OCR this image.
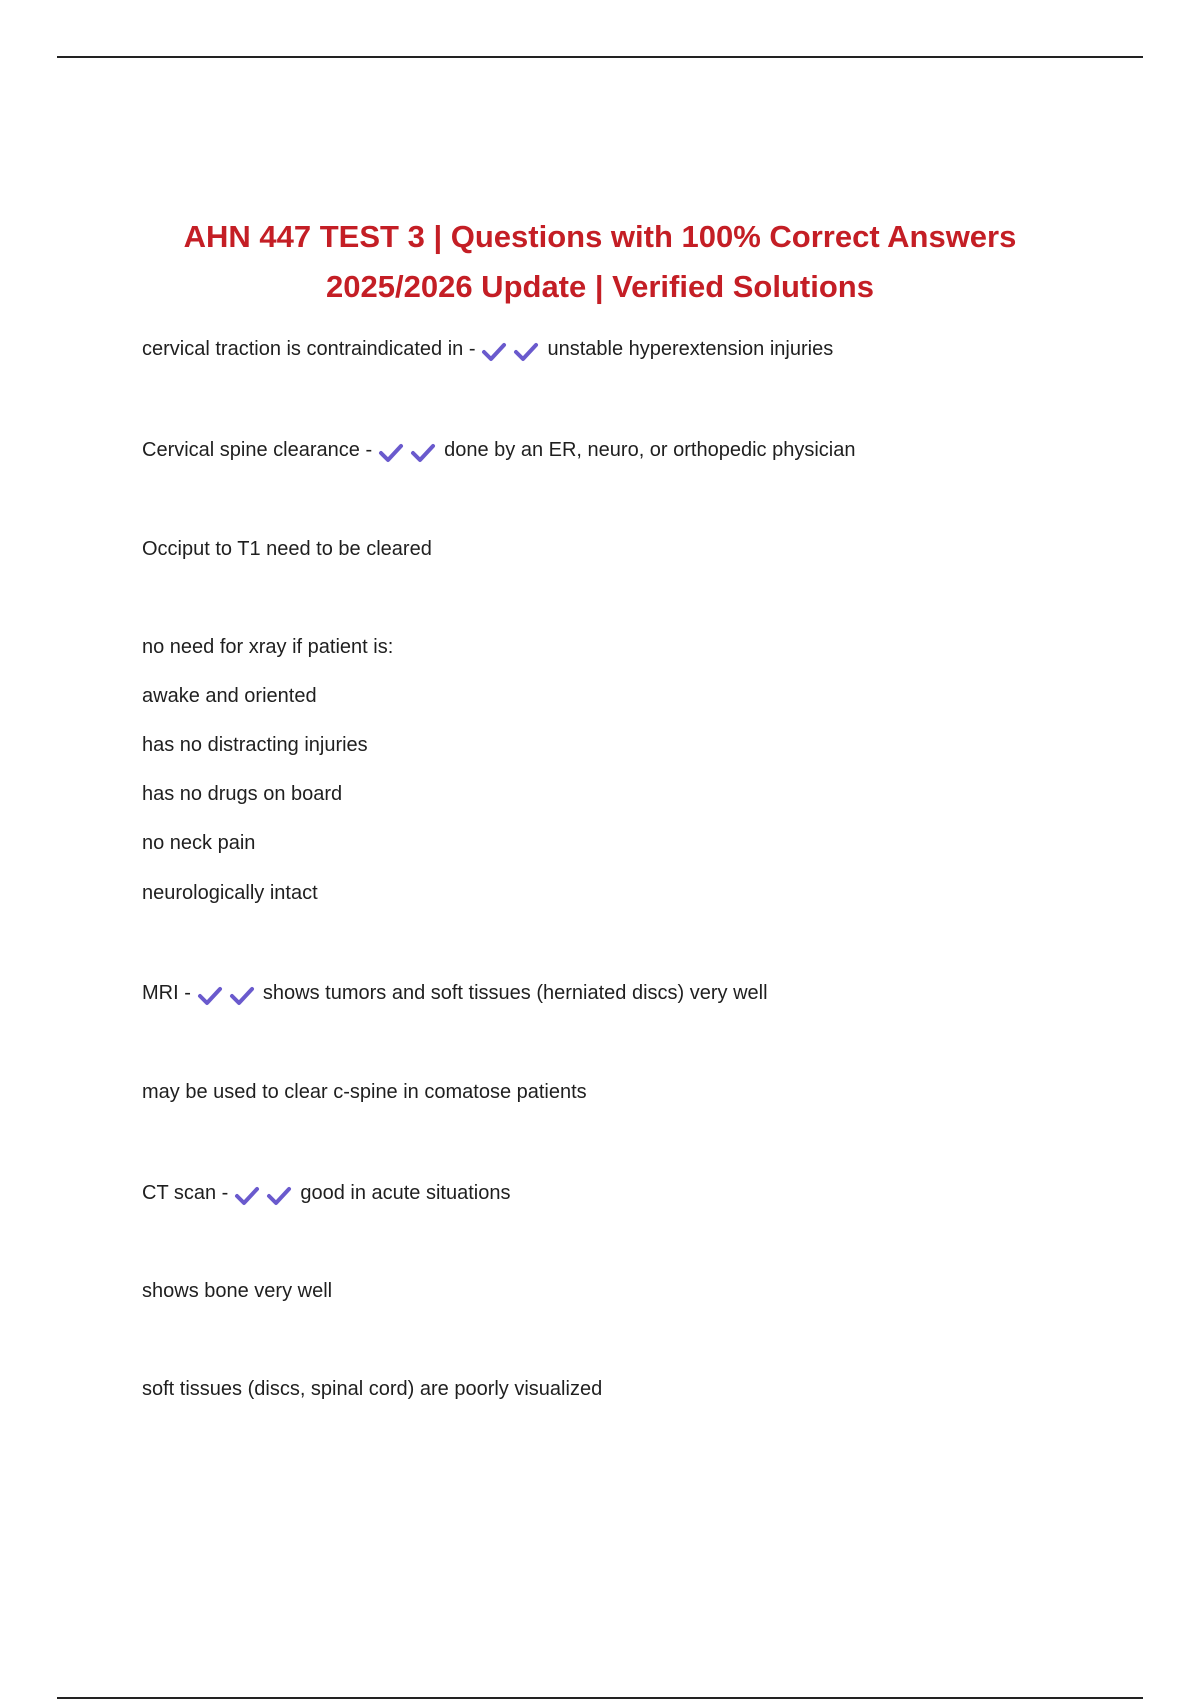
AHN 447 TEST 3 | Questions with 100% Correct Answers
2025/2026 Update | Verified Solutions
cervical traction is contraindicated in -	unstable hyperextension injuries
Cervical spine clearance -	done by an ER, neuro, or orthopedic physician
Occiput to T1 need to be cleared
no need for xray if patient is:
awake and oriented
has no distracting injuries
has no drugs on board
no neck pain
neurologically intact
MRI -	shows tumors and soft tissues (herniated discs) very well
may be used to clear c-spine in comatose patients
CT scan -	good in acute situations
shows bone very well
soft tissues (discs, spinal cord) are poorly visualized
